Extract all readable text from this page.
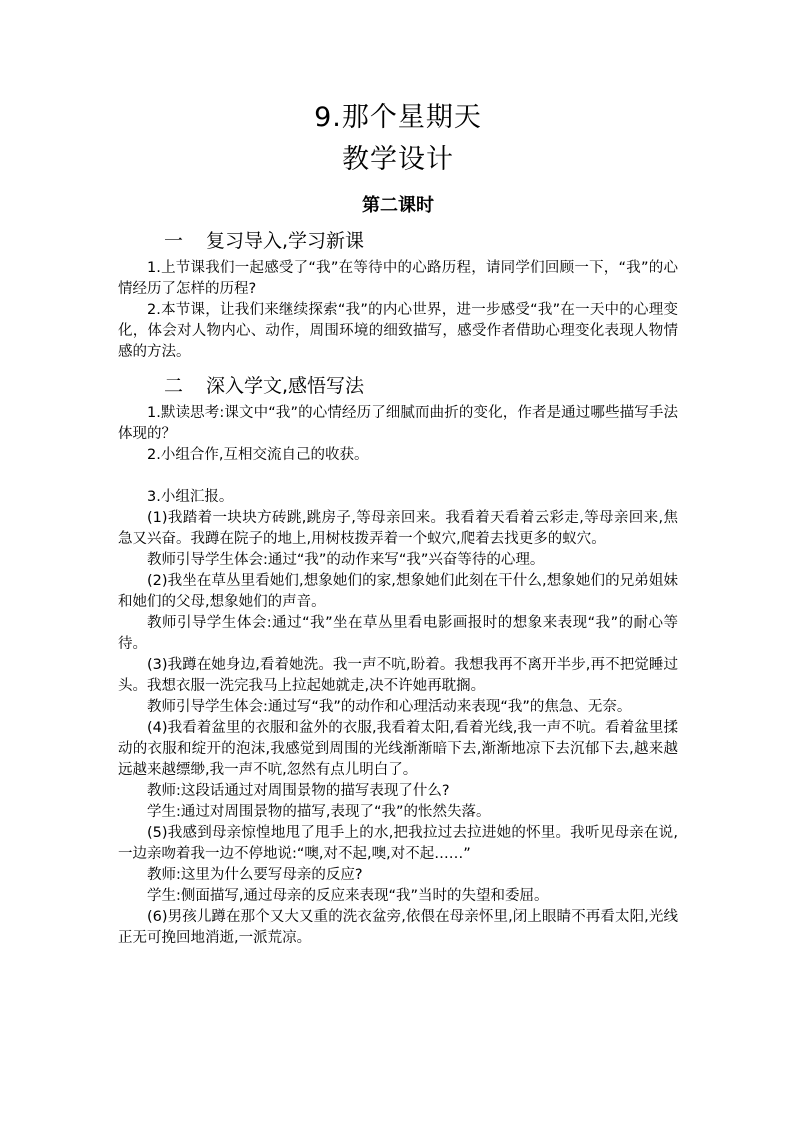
9.那个星期天
教学设计
第二课时
一 复习导入,学习新课

1.上节课我们一起感受了“我”在等待中的心路历程，请同学们回顾一下，“我”的心情经历了怎样的历程?

2.本节课，让我们来继续探索“我”的内心世界，进一步感受“我”在一天中的心理变化，体会对人物内心、动作，周围环境的细致描写，感受作者借助心理变化表现人物情感的方法。

二 深入学文,感悟写法

1.默读思考:课文中“我”的心情经历了细腻而曲折的变化，作者是通过哪些描写手法体现的？

2.小组合作,互相交流自己的收获。

3.小组汇报。

(1)我踏着一块块方砖跳,跳房子,等母亲回来。我看着天看着云彩走,等母亲回来,焦急又兴奋。我蹲在院子的地上,用树枝拨弄着一个蚁穴,爬着去找更多的蚁穴。

教师引导学生体会:通过“我”的动作来写“我”兴奋等待的心理。

(2)我坐在草丛里看她们,想象她们的家,想象她们此刻在干什么,想象她们的兄弟姐妹和她们的父母,想象她们的声音。

教师引导学生体会:通过“我”坐在草丛里看电影画报时的想象来表现“我”的耐心等待。

(3)我蹲在她身边,看着她洗。我一声不吭,盼着。我想我再不离开半步,再不把觉睡过头。我想衣服一洗完我马上拉起她就走,决不许她再耽搁。

教师引导学生体会:通过写“我”的动作和心理活动来表现“我”的焦急、无奈。

(4)我看着盆里的衣服和盆外的衣服,我看着太阳,看着光线,我一声不吭。看着盆里揉动的衣服和绽开的泡沫,我感觉到周围的光线渐渐暗下去,渐渐地凉下去沉郁下去,越来越远越来越缥缈,我一声不吭,忽然有点儿明白了。

教师:这段话通过对周围景物的描写表现了什么?

学生:通过对周围景物的描写,表现了“我”的怅然失落。

(5)我感到母亲惊惶地甩了甩手上的水,把我拉过去拉进她的怀里。我听见母亲在说,一边亲吻着我一边不停地说:“噢,对不起,噢,对不起……”

教师:这里为什么要写母亲的反应?

学生:侧面描写,通过母亲的反应来表现“我”当时的失望和委屈。

(6)男孩儿蹲在那个又大又重的洗衣盆旁,依偎在母亲怀里,闭上眼睛不再看太阳,光线正无可挽回地消逝,一派荒凉。
